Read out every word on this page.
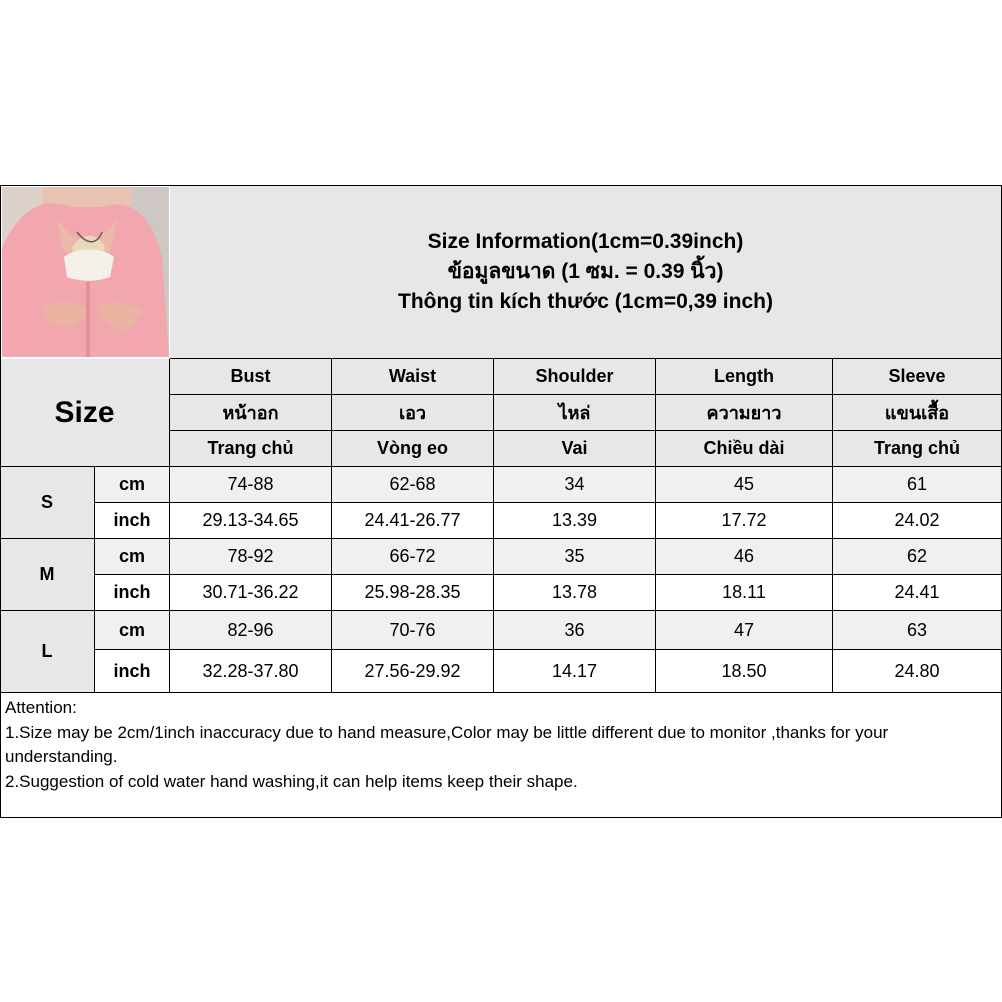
Size Information(1cm=0.39inch)
ข้อมูลขนาด (1 ซม. = 0.39 นิ้ว)
Thông tin kích thước (1cm=0,39 inch)
Size
Bust	Waist	Shoulder	Length	Sleeve
หน้าอก	เอว	ไหล่	ความยาว	แขนเสื้อ
Trang chủ	Vòng eo	Vai	Chiều dài	Trang chủ
S
cm	74-88	62-68	34	45	61
inch	29.13-34.65	24.41-26.77	13.39	17.72	24.02
M
cm	78-92	66-72	35	46	62
inch	30.71-36.22	25.98-28.35	13.78	18.11	24.41
L
cm	82-96	70-76	36	47	63
inch	32.28-37.80	27.56-29.92	14.17	18.50	24.80
Attention:
1.Size may be 2cm/1inch inaccuracy due to hand measure,Color may be little different due to monitor ,thanks for your understanding.
2.Suggestion of cold water hand washing,it can help items keep their shape.
